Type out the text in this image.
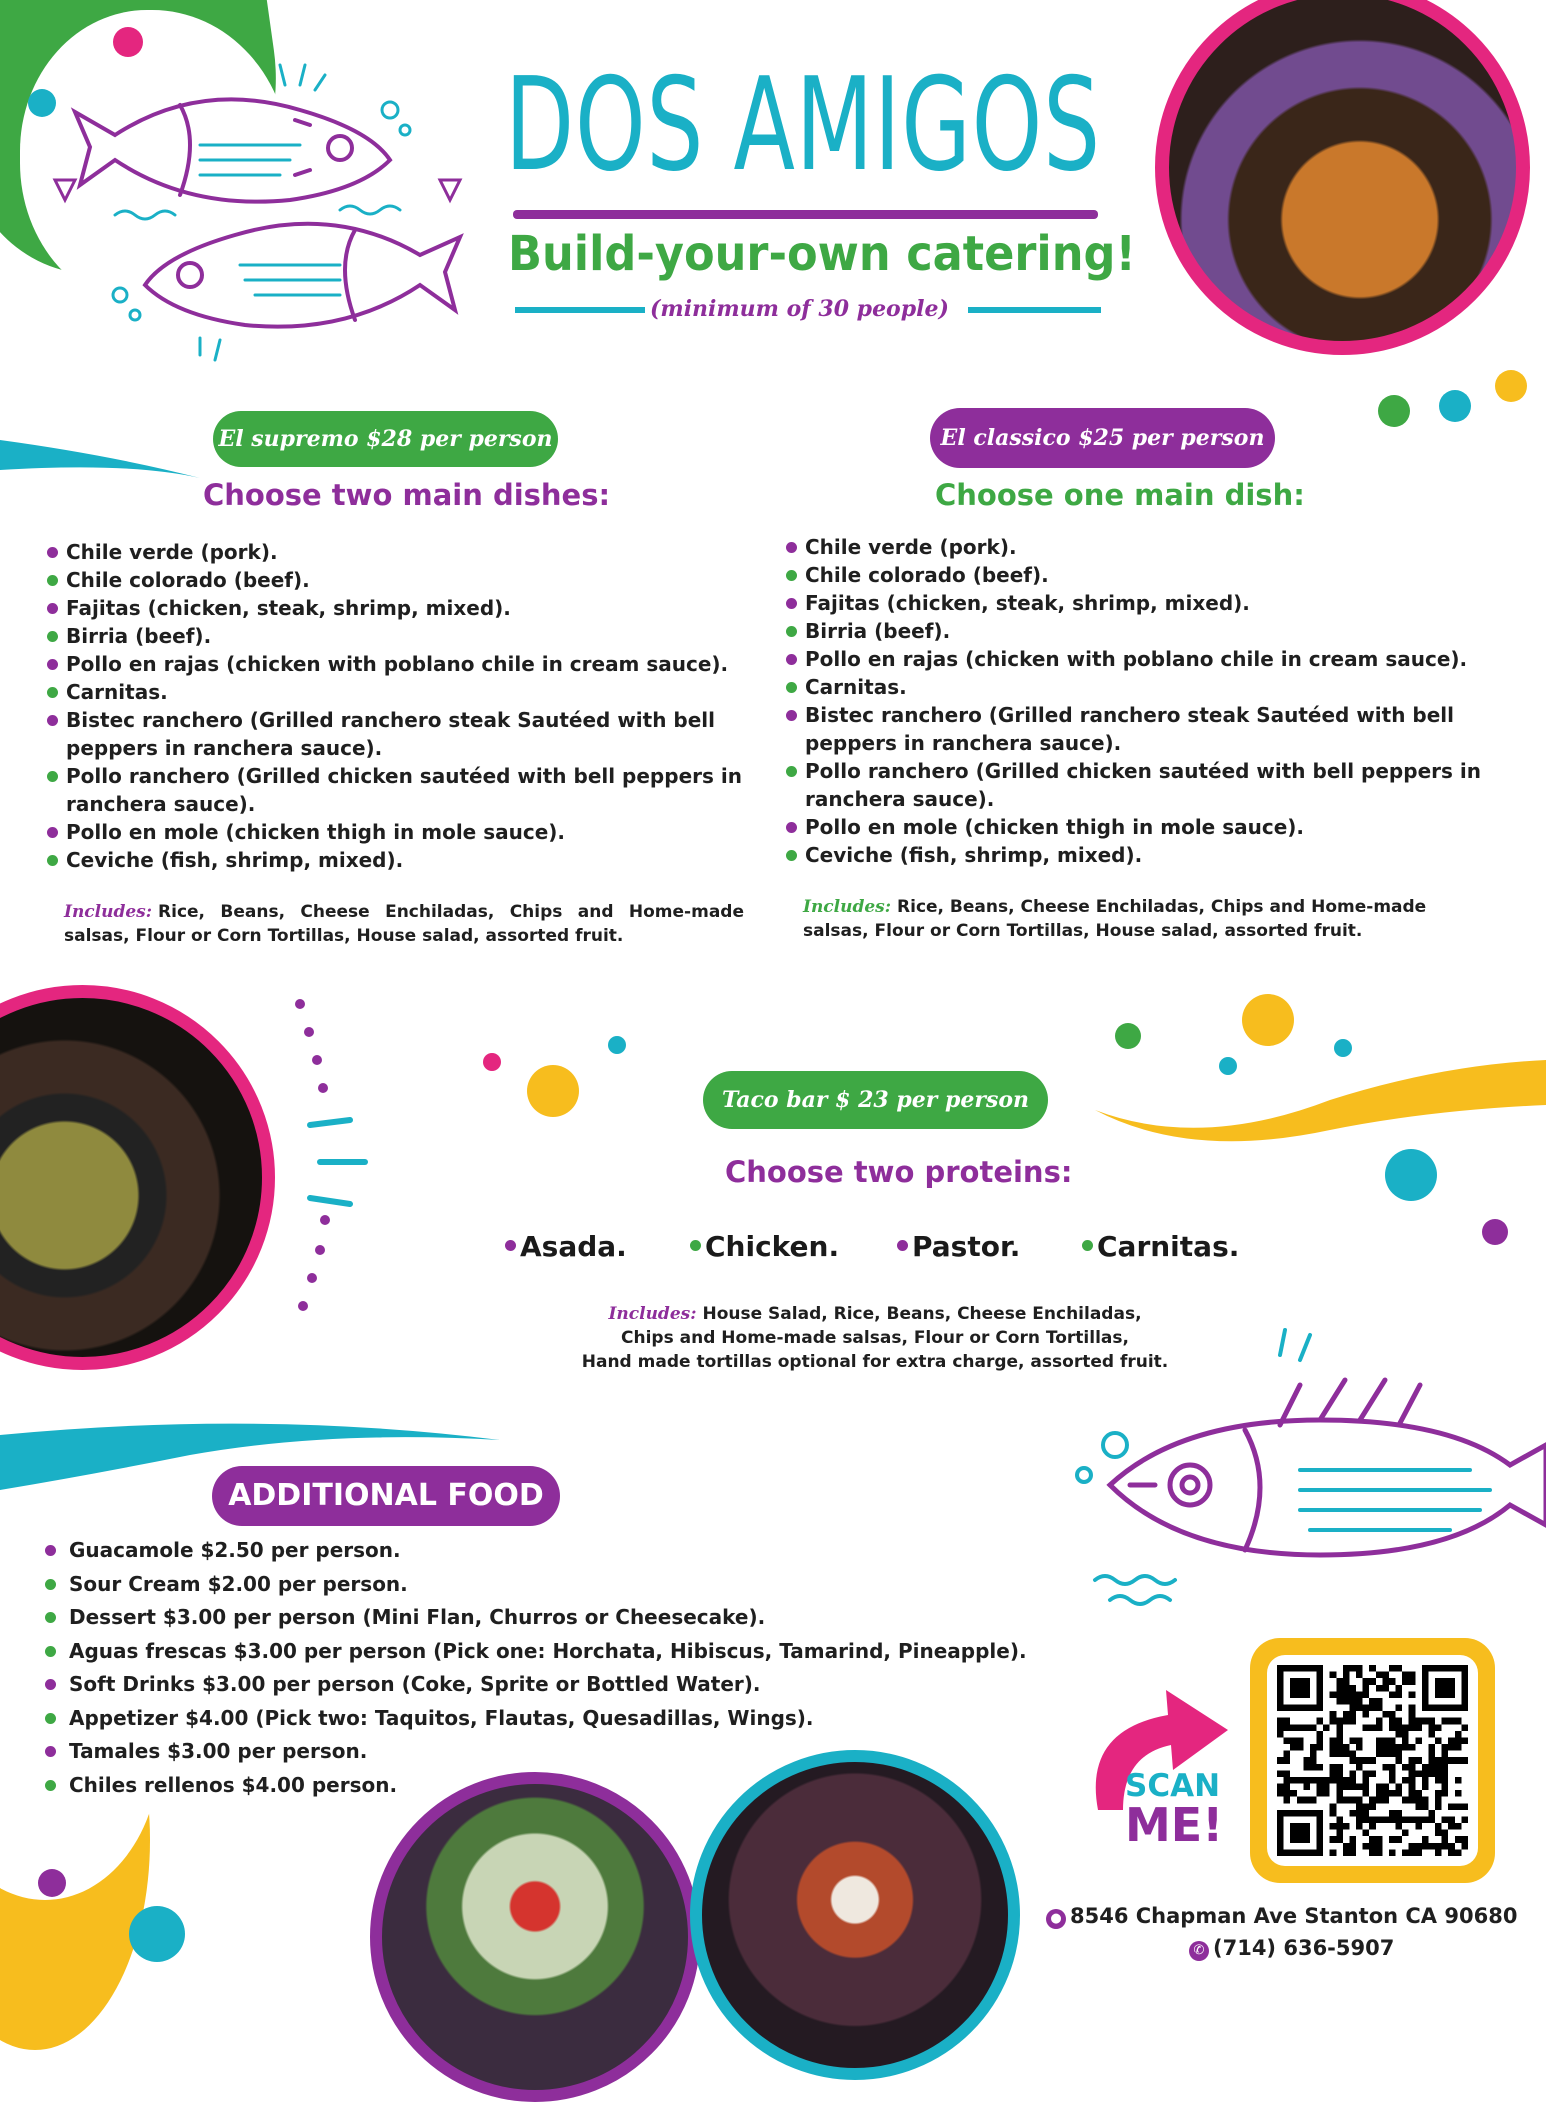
DOS AMIGOS
Build-your-own catering!
(minimum of 30 people)
El supremo $28 per person
Choose two main dishes:
Chile verde (pork).
Chile colorado (beef).
Fajitas (chicken, steak, shrimp, mixed).
Birria (beef).
Pollo en rajas (chicken with poblano chile in cream sauce).
Carnitas.
Bistec ranchero (Grilled ranchero steak Sautéed with bell peppers in ranchera sauce).
Pollo ranchero (Grilled chicken sautéed with bell peppers in ranchera sauce).
Pollo en mole (chicken thigh in mole sauce).
Ceviche (fish, shrimp, mixed).
Includes: Rice, Beans, Cheese Enchiladas, Chips and Home-made salsas, Flour or Corn Tortillas, House salad, assorted fruit.
El classico $25 per person
Choose one main dish:
Chile verde (pork).
Chile colorado (beef).
Fajitas (chicken, steak, shrimp, mixed).
Birria (beef).
Pollo en rajas (chicken with poblano chile in cream sauce).
Carnitas.
Bistec ranchero (Grilled ranchero steak Sautéed with bell peppers in ranchera sauce).
Pollo ranchero (Grilled chicken sautéed with bell peppers in ranchera sauce).
Pollo en mole (chicken thigh in mole sauce).
Ceviche (fish, shrimp, mixed).
Includes: Rice, Beans, Cheese Enchiladas, Chips and Home-made salsas, Flour or Corn Tortillas, House salad, assorted fruit.
Taco bar $ 23 per person
Choose two proteins:
Asada.	Chicken.	Pastor.	Carnitas.
Includes: House Salad, Rice, Beans, Cheese Enchiladas,
Chips and Home-made salsas, Flour or Corn Tortillas,
Hand made tortillas optional for extra charge, assorted fruit.
ADDITIONAL FOOD
Guacamole $2.50 per person.
Sour Cream $2.00 per person.
Dessert $3.00 per person (Mini Flan, Churros or Cheesecake).
Aguas frescas $3.00 per person (Pick one: Horchata, Hibiscus, Tamarind, Pineapple).
Soft Drinks $3.00 per person (Coke, Sprite or Bottled Water).
Appetizer $4.00 (Pick two: Taquitos, Flautas, Quesadillas, Wings).
Tamales $3.00 per person.
Chiles rellenos $4.00 person.	SCAN
ME!
● 8546 Chapman Ave Stanton CA 90680
✆ (714) 636-5907
